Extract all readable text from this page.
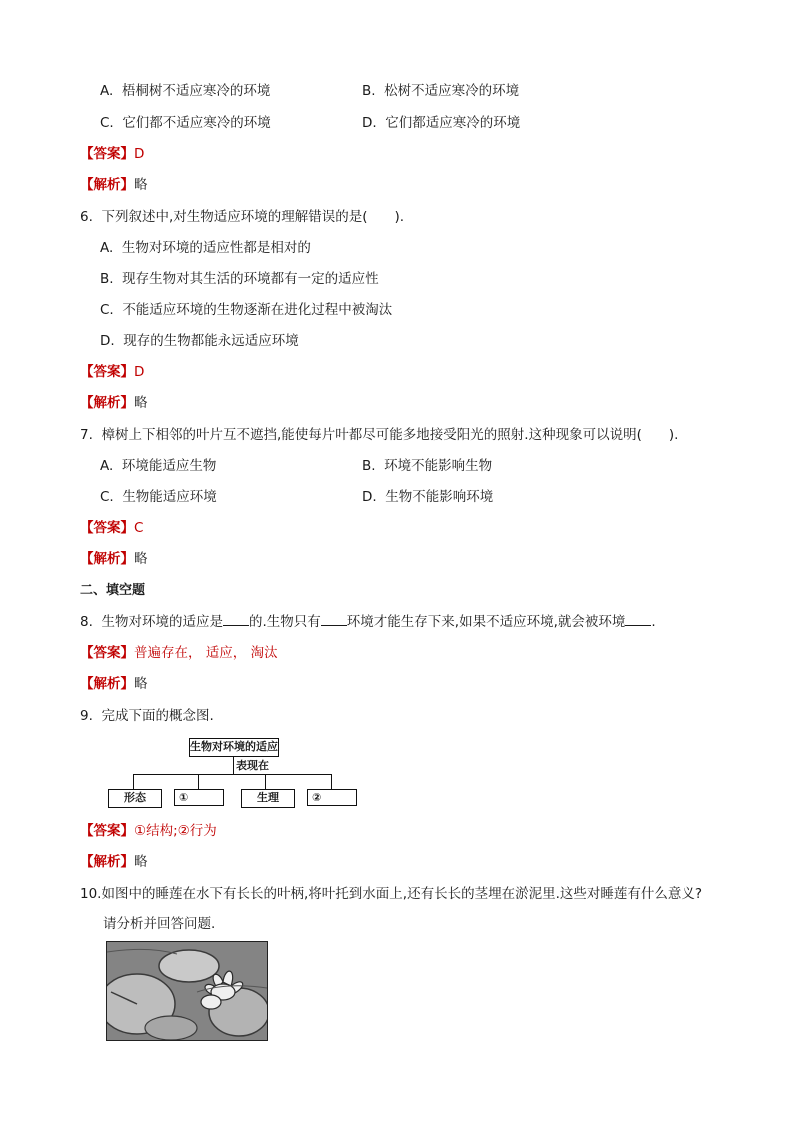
A. 梧桐树不适应寒冷的环境	B. 松树不适应寒冷的环境
C. 它们都不适应寒冷的环境	D. 它们都适应寒冷的环境
【答案】D
【解析】略
6. 下列叙述中,对生物适应环境的理解错误的是(　　).
A. 生物对环境的适应性都是相对的
B. 现存生物对其生活的环境都有一定的适应性
C. 不能适应环境的生物逐渐在进化过程中被淘汰
D. 现存的生物都能永远适应环境
【答案】D
【解析】略
7. 樟树上下相邻的叶片互不遮挡,能使每片叶都尽可能多地接受阳光的照射.这种现象可以说明(　　).
A. 环境能适应生物	B. 环境不能影响生物
C. 生物能适应环境	D. 生物不能影响环境
【答案】C
【解析】略
二、填空题
8. 生物对环境的适应是 的.生物只有 环境才能生存下来,如果不适应环境,就会被环境 .
【答案】普遍存在， 适应， 淘汰
【解析】略
9. 完成下面的概念图.
生物对环境的适应
表现在
形态	①	生理	②
【答案】①结构;②行为
【解析】略
10.如图中的睡莲在水下有长长的叶柄,将叶托到水面上,还有长长的茎埋在淤泥里.这些对睡莲有什么意义?
请分析并回答问题.
